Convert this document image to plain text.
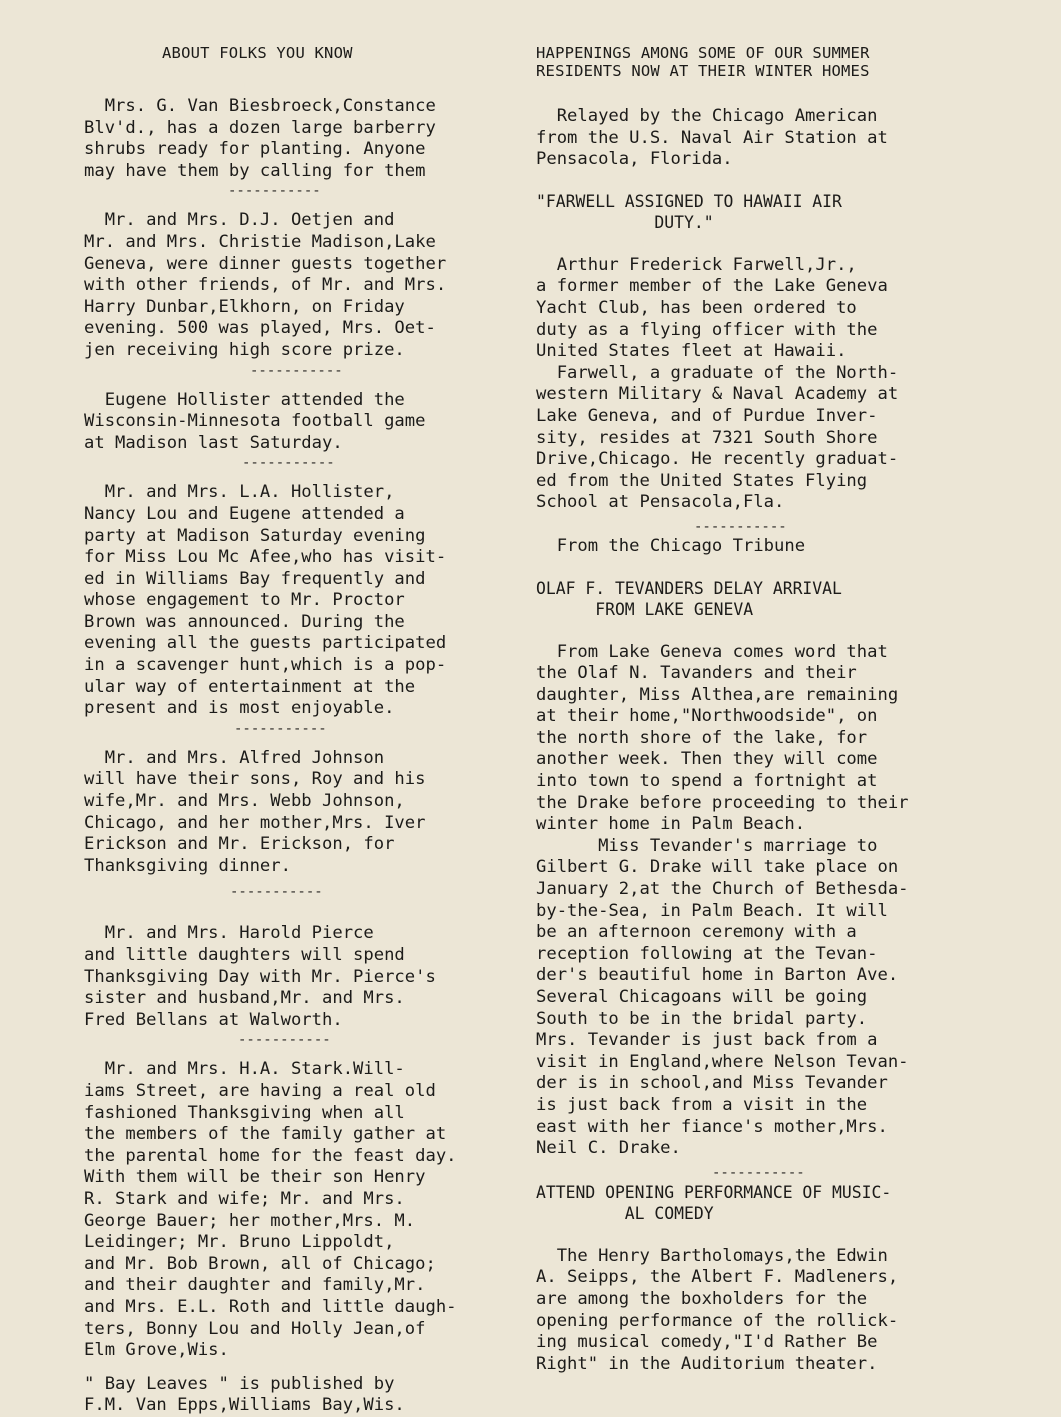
ABOUT FOLKS YOU KNOW

Mrs. G. Van Biesbroeck,Constance
Blv'd., has a dozen large barberry
shrubs ready for planting. Anyone
may have them by calling for them

-----------

Mr. and Mrs. D.J. Oetjen and
Mr. and Mrs. Christie Madison,Lake
Geneva, were dinner guests together
with other friends, of Mr. and Mrs.
Harry Dunbar,Elkhorn, on Friday
evening. 500 was played, Mrs. Oet-
jen receiving high score prize.

-----------

Eugene Hollister attended the
Wisconsin-Minnesota football game
at Madison last Saturday.

-----------

Mr. and Mrs. L.A. Hollister,
Nancy Lou and Eugene attended a
party at Madison Saturday evening
for Miss Lou Mc Afee,who has visit-
ed in Williams Bay frequently and
whose engagement to Mr. Proctor
Brown was announced. During the
evening all the guests participated
in a scavenger hunt,which is a pop-
ular way of entertainment at the
present and is most enjoyable.

-----------

Mr. and Mrs. Alfred Johnson
will have their sons, Roy and his
wife,Mr. and Mrs. Webb Johnson,
Chicago, and her mother,Mrs. Iver
Erickson and Mr. Erickson, for
Thanksgiving dinner.

-----------

Mr. and Mrs. Harold Pierce
and little daughters will spend
Thanksgiving Day with Mr. Pierce's
sister and husband,Mr. and Mrs.
Fred Bellans at Walworth.

-----------

Mr. and Mrs. H.A. Stark.Will-
iams Street, are having a real old
fashioned Thanksgiving when all
the members of the family gather at
the parental home for the feast day.
With them will be their son Henry
R. Stark and wife; Mr. and Mrs.
George Bauer; her mother,Mrs. M.
Leidinger; Mr. Bruno Lippoldt,
and Mr. Bob Brown, all of Chicago;
and their daughter and family,Mr.
and Mrs. E.L. Roth and little daugh-
ters, Bonny Lou and Holly Jean,of
Elm Grove,Wis.

" Bay Leaves " is published by
F.M. Van Epps,Williams Bay,Wis.

HAPPENINGS AMONG SOME OF OUR SUMMER
RESIDENTS NOW AT THEIR WINTER HOMES

Relayed by the Chicago American
from the U.S. Naval Air Station at
Pensacola, Florida.

"FARWELL ASSIGNED TO HAWAII AIR
DUTY."

Arthur Frederick Farwell,Jr.,
a former member of the Lake Geneva
Yacht Club, has been ordered to
duty as a flying officer with the
United States fleet at Hawaii.
Farwell, a graduate of the North-
western Military & Naval Academy at
Lake Geneva, and of Purdue Inver-
sity, resides at 7321 South Shore
Drive,Chicago. He recently graduat-
ed from the United States Flying
School at Pensacola,Fla.

-----------

From the Chicago Tribune

OLAF F. TEVANDERS DELAY ARRIVAL
FROM LAKE GENEVA

From Lake Geneva comes word that
the Olaf N. Tavanders and their
daughter, Miss Althea,are remaining
at their home,"Northwoodside", on
the north shore of the lake, for
another week. Then they will come
into town to spend a fortnight at
the Drake before proceeding to their
winter home in Palm Beach.
Miss Tevander's marriage to
Gilbert G. Drake will take place on
January 2,at the Church of Bethesda-
by-the-Sea, in Palm Beach. It will
be an afternoon ceremony with a
reception following at the Tevan-
der's beautiful home in Barton Ave.
Several Chicagoans will be going
South to be in the bridal party.
Mrs. Tevander is just back from a
visit in England,where Nelson Tevan-
der is in school,and Miss Tevander
is just back from a visit in the
east with her fiance's mother,Mrs.
Neil C. Drake.

-----------
ATTEND OPENING PERFORMANCE OF MUSIC-
AL COMEDY

The Henry Bartholomays,the Edwin
A. Seipps, the Albert F. Madleners,
are among the boxholders for the
opening performance of the rollick-
ing musical comedy,"I'd Rather Be
Right" in the Auditorium theater.
